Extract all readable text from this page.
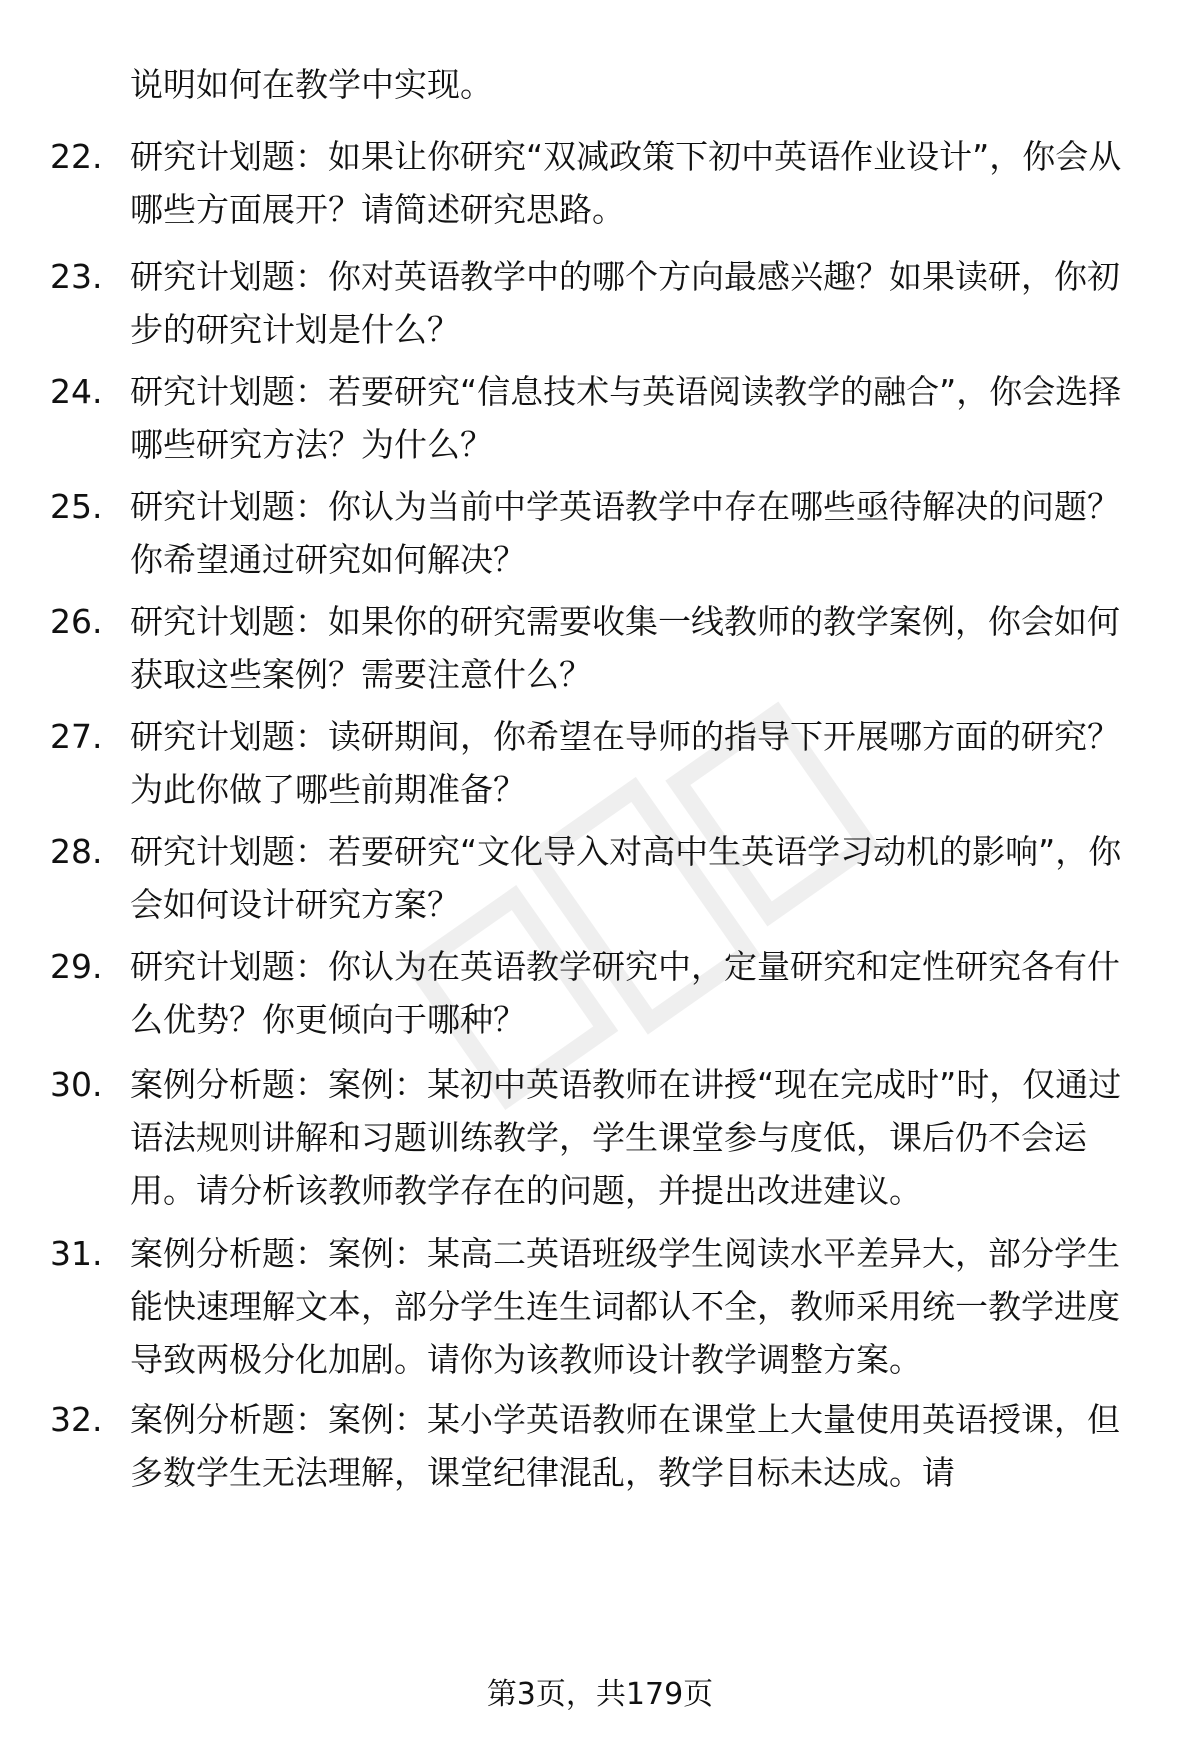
说明如何在教学中实现。
22. 研究计划题：如果让你研究“双减政策下初中英语作业设计”，你会从哪些方面展开？请简述研究思路。
23. 研究计划题：你对英语教学中的哪个方向最感兴趣？如果读研，你初步的研究计划是什么？
24. 研究计划题：若要研究“信息技术与英语阅读教学的融合”，你会选择哪些研究方法？为什么？
25. 研究计划题：你认为当前中学英语教学中存在哪些亟待解决的问题？你希望通过研究如何解决？
26. 研究计划题：如果你的研究需要收集一线教师的教学案例，你会如何获取这些案例？需要注意什么？
27. 研究计划题：读研期间，你希望在导师的指导下开展哪方面的研究？为此你做了哪些前期准备？
28. 研究计划题：若要研究“文化导入对高中生英语学习动机的影响”，你会如何设计研究方案？
29. 研究计划题：你认为在英语教学研究中，定量研究和定性研究各有什么优势？你更倾向于哪种？
30. 案例分析题：案例：某初中英语教师在讲授“现在完成时”时，仅通过语法规则讲解和习题训练教学，学生课堂参与度低，课后仍不会运用。请分析该教师教学存在的问题，并提出改进建议。
31. 案例分析题：案例：某高二英语班级学生阅读水平差异大，部分学生能快速理解文本，部分学生连生词都认不全，教师采用统一教学进度导致两极分化加剧。请你为该教师设计教学调整方案。
32. 案例分析题：案例：某小学英语教师在课堂上大量使用英语授课，但多数学生无法理解，课堂纪律混乱，教学目标未达成。请
第3页，共179页
